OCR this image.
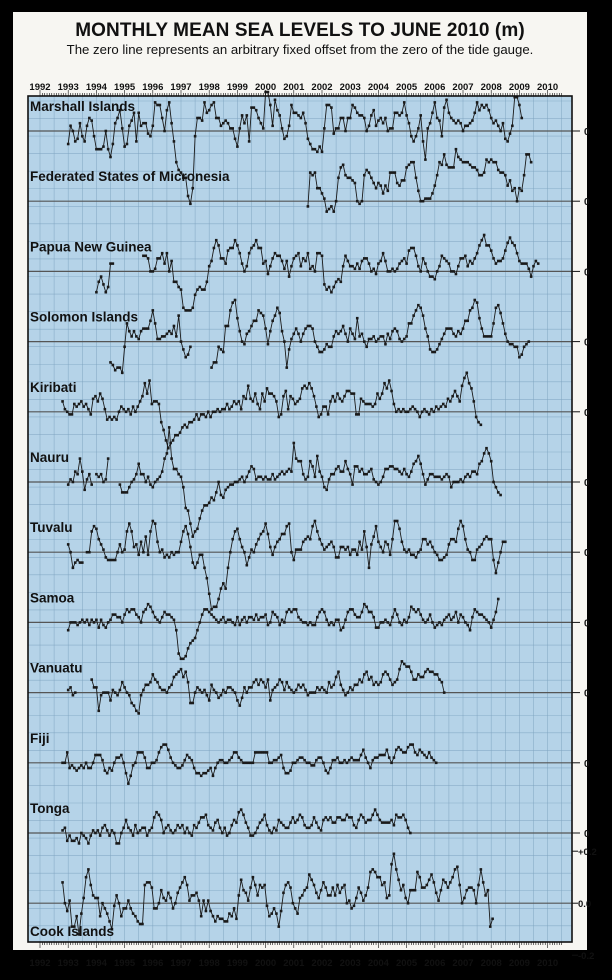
MONTHLY MEAN SEA LEVELS TO JUNE 2010 (m)
The zero line represents an arbitrary fixed offset from the zero of the tide gauge.
Marshall Islands
Federated States of Micronesia
Papua New Guinea
Solomon Islands
Kiribati
Nauru
Tuvalu
Samoa
Vanuatu
Fiji
Tonga
Cook Islands
0
0
0
0
0
0
0
0
0
0
0
+0.2
0.0
-0.2
1992 1993 1994 1995 1996 1997 1998 1999 2000 2001 2002 2003 2004 2005 2006 2007 2008 2009 2010
1992 1993 1994 1995 1996 1997 1998 1999 2000 2001 2002 2003 2004 2005 2006 2007 2008 2009 2010
